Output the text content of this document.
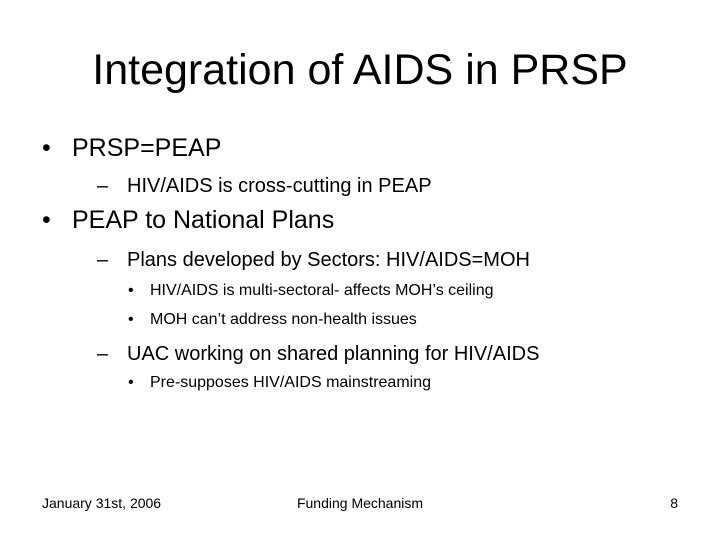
Integration of AIDS in PRSP
• PRSP=PEAP
– HIV/AIDS is cross-cutting in PEAP
• PEAP to National Plans
– Plans developed by Sectors: HIV/AIDS=MOH
• HIV/AIDS is multi-sectoral- affects MOH’s ceiling
• MOH can’t address non-health issues
– UAC working on shared planning for HIV/AIDS
• Pre-supposes HIV/AIDS mainstreaming
January 31st, 2006	Funding Mechanism	8
